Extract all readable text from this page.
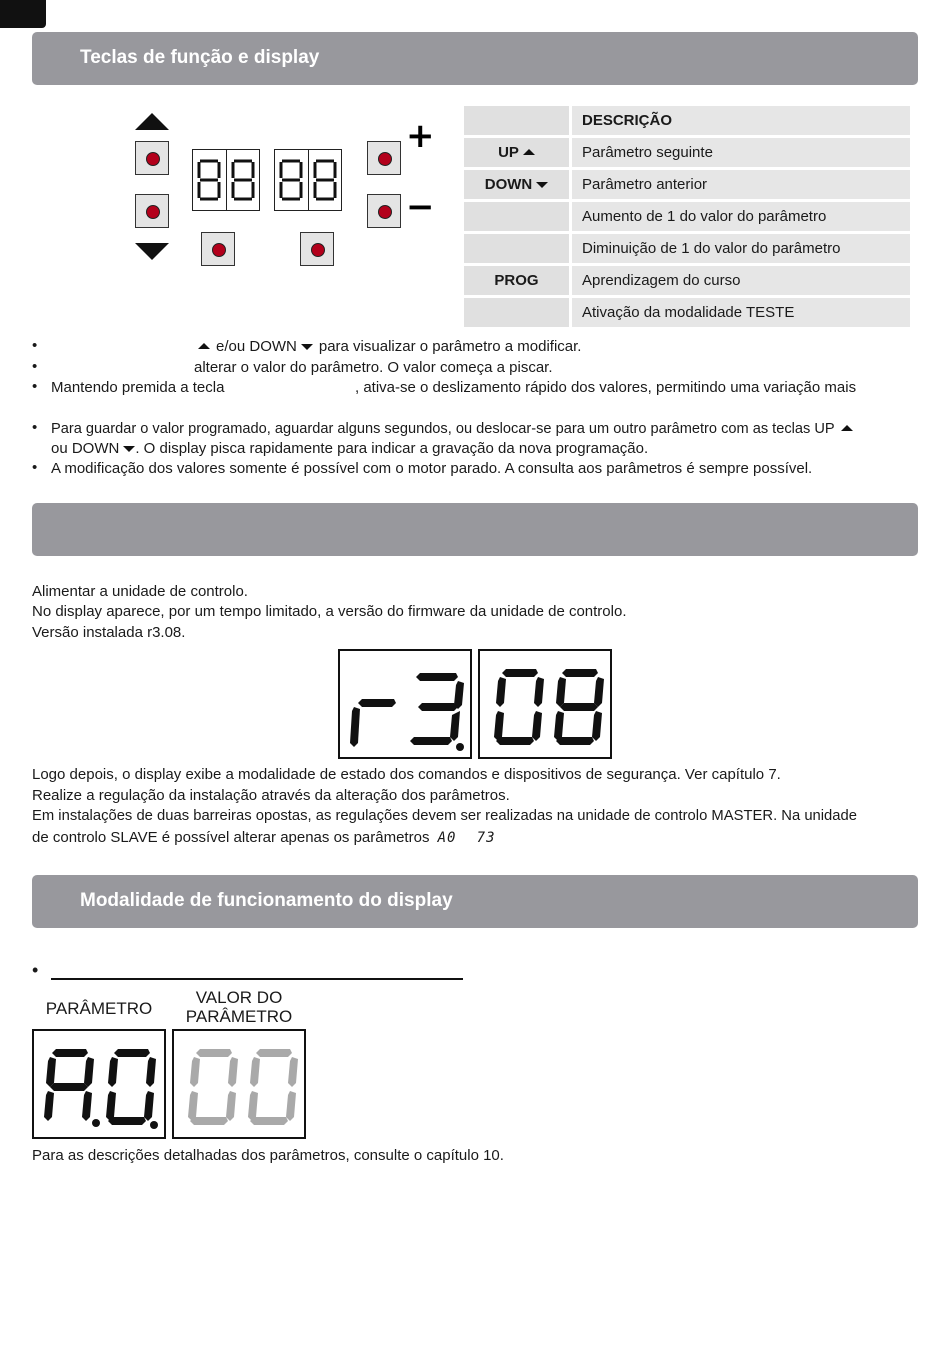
Teclas de função e display
+
−
	DESCRIÇÃO
UP	Parâmetro seguinte
DOWN	Parâmetro anterior
	Aumento de 1 do valor do parâmetro
	Diminuição de 1 do valor do parâmetro
PROG	Aprendizagem do curso
	Ativação da modalidade TESTE
•	e/ou DOWN para visualizar o parâmetro a modificar.
•	alterar o valor do parâmetro. O valor começa a piscar.
• Mantendo premida a tecla	, ativa-se o deslizamento rápido dos valores, permitindo uma variação mais
• Para guardar o valor programado, aguardar alguns segundos, ou deslocar-se para um outro parâmetro com as teclas UP
ou DOWN . O display pisca rapidamente para indicar a gravação da nova programação.
• A modificação dos valores somente é possível com o motor parado. A consulta aos parâmetros é sempre possível.
Alimentar a unidade de controlo.
No display aparece, por um tempo limitado, a versão do firmware da unidade de controlo.
Versão instalada r3.08.
Logo depois, o display exibe a modalidade de estado dos comandos e dispositivos de segurança. Ver capítulo 7.
Realize a regulação da instalação através da alteração dos parâmetros.
Em instalações de duas barreiras opostas, as regulações devem ser realizadas na unidade de controlo MASTER. Na unidade
de controlo SLAVE é possível alterar apenas os parâmetros A0 73
Modalidade de funcionamento do display
•
PARÂMETRO
VALOR DO
PARÂMETRO
Para as descrições detalhadas dos parâmetros, consulte o capítulo 10.
